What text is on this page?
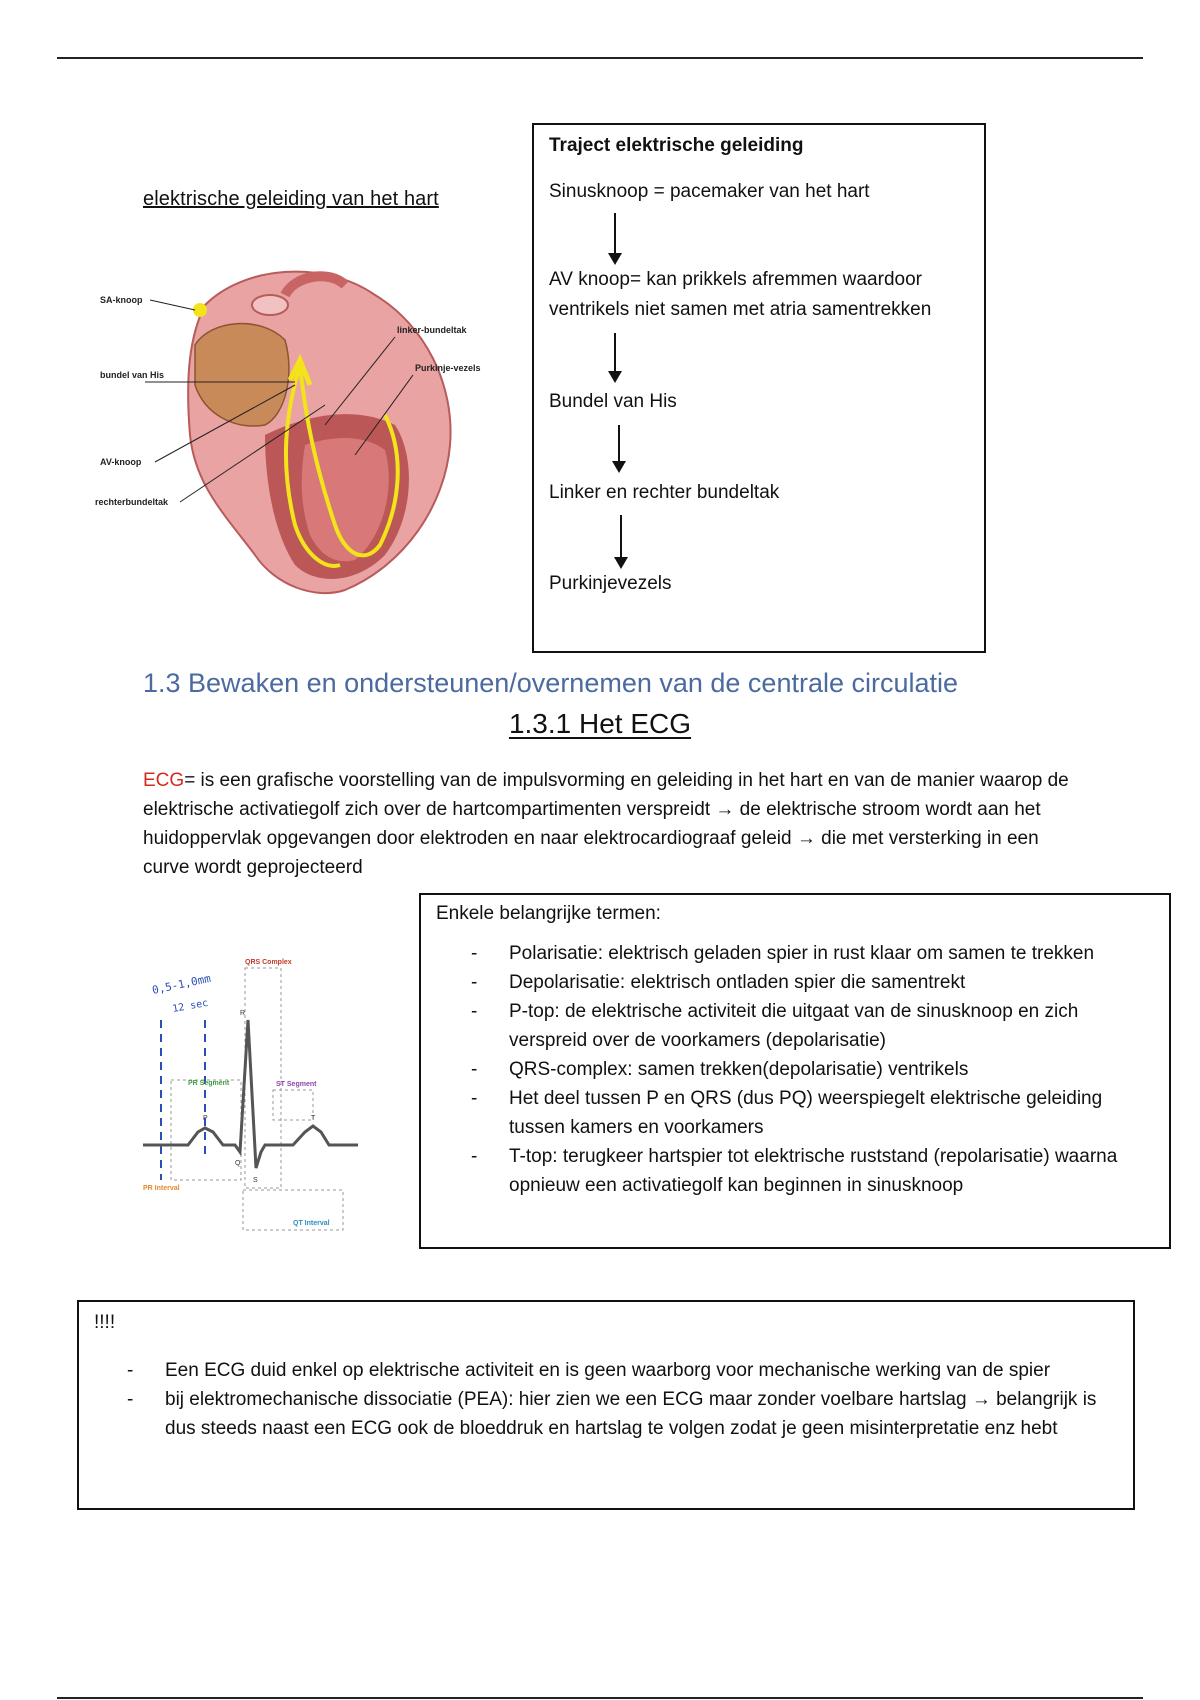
elektrische geleiding van het hart
SA-knoop
bundel van His
AV-knoop
rechterbundeltak
linker-bundeltak
Purkinje-vezels
Traject elektrische geleiding
Sinusknoop = pacemaker van het hart
AV knoop= kan prikkels afremmen waardoor ventrikels niet samen met atria samentrekken
Bundel van His
Linker en rechter bundeltak
Purkinjevezels
1.3 Bewaken en ondersteunen/overnemen van de centrale circulatie
1.3.1 Het ECG
ECG= is een grafische voorstelling van de impulsvorming en geleiding in het hart en van de manier waarop de elektrische activatiegolf zich over de hartcompartimenten verspreidt → de elektrische stroom wordt aan het huidoppervlak opgevangen door elektroden en naar elektrocardiograaf geleid → die met versterking in een curve wordt geprojecteerd
0,5-1,0mm
12 sec
P
R
Q
S
T
QRS Complex
PR Segment	ST Segment
PR Interval
QT Interval
Enkele belangrijke termen:
- Polarisatie: elektrisch geladen spier in rust klaar om samen te trekken
- Depolarisatie: elektrisch ontladen spier die samentrekt
- P-top: de elektrische activiteit die uitgaat van de sinusknoop en zich verspreid over de voorkamers (depolarisatie)
- QRS-complex: samen trekken(depolarisatie) ventrikels
- Het deel tussen P en QRS (dus PQ) weerspiegelt elektrische geleiding tussen kamers en voorkamers
- T-top: terugkeer hartspier tot elektrische ruststand (repolarisatie) waarna opnieuw een activatiegolf kan beginnen in sinusknoop
!!!!
- Een ECG duid enkel op elektrische activiteit en is geen waarborg voor mechanische werking van de spier
- bij elektromechanische dissociatie (PEA): hier zien we een ECG maar zonder voelbare hartslag → belangrijk is dus steeds naast een ECG ook de bloeddruk en hartslag te volgen zodat je geen misinterpretatie enz hebt
